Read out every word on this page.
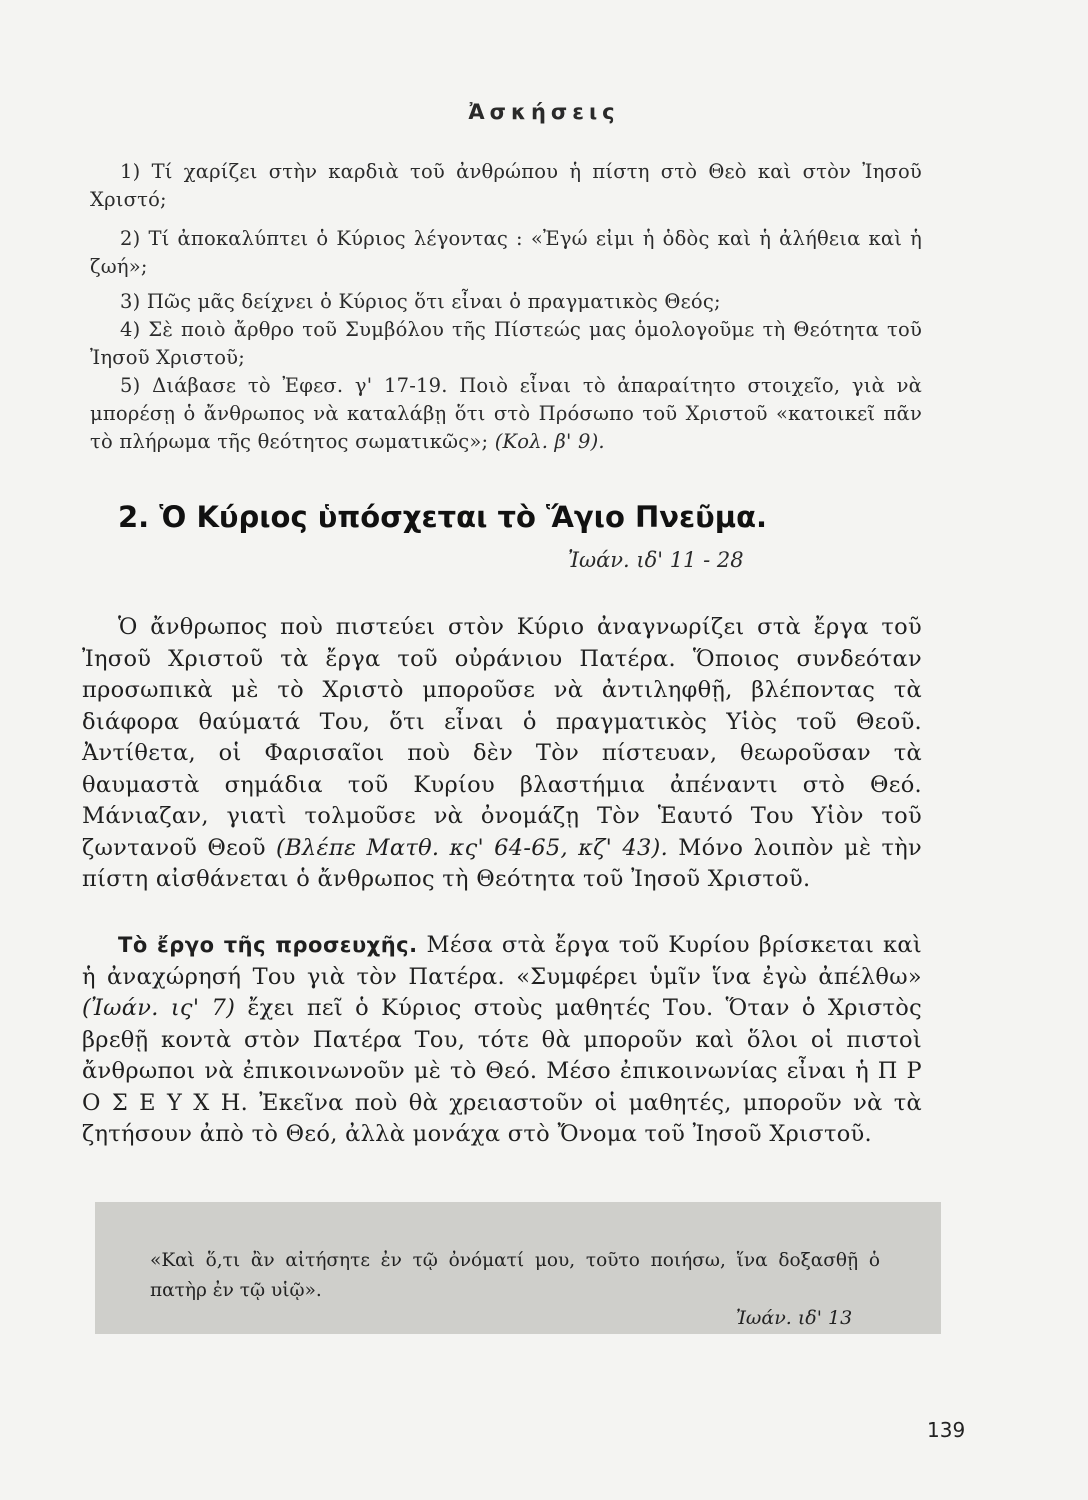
Ἀσκήσεις
1) Τί χαρίζει στὴν καρδιὰ τοῦ ἀνθρώπου ἡ πίστη στὸ Θεὸ καὶ στὸν Ἰησοῦ Χριστό;
2) Τί ἀποκαλύπτει ὁ Κύριος λέγοντας : «Ἐγώ εἰμι ἡ ὁδὸς καὶ ἡ ἀλήθεια καὶ ἡ ζωή»;
3) Πῶς μᾶς δείχνει ὁ Κύριος ὅτι εἶναι ὁ πραγματικὸς Θεός;
4) Σὲ ποιὸ ἄρθρο τοῦ Συμβόλου τῆς Πίστεώς μας ὁμολογοῦμε τὴ Θεότητα τοῦ Ἰησοῦ Χριστοῦ;
5) Διάβασε τὸ Ἐφεσ. γ' 17-19. Ποιὸ εἶναι τὸ ἀπαραίτητο στοιχεῖο, γιὰ νὰ μπορέσῃ ὁ ἄνθρωπος νὰ καταλάβῃ ὅτι στὸ Πρόσωπο τοῦ Χριστοῦ «κατοικεῖ πᾶν τὸ πλήρωμα τῆς θεότητος σωματικῶς»; (Κολ. β' 9).
2. Ὁ Κύριος ὑπόσχεται τὸ Ἅγιο Πνεῦμα.
Ἰωάν. ιδ' 11 - 28
Ὁ ἄνθρωπος ποὺ πιστεύει στὸν Κύριο ἀναγνωρίζει στὰ ἔργα τοῦ Ἰησοῦ Χριστοῦ τὰ ἔργα τοῦ οὐράνιου Πατέρα. Ὅποιος συνδεόταν προσωπικὰ μὲ τὸ Χριστὸ μποροῦσε νὰ ἀντιληφθῇ, βλέποντας τὰ διάφορα θαύματά Του, ὅτι εἶναι ὁ πραγματικὸς Υἱὸς τοῦ Θεοῦ. Ἀντίθετα, οἱ Φαρισαῖοι ποὺ δὲν Τὸν πίστευαν, θεωροῦσαν τὰ θαυμαστὰ σημάδια τοῦ Κυρίου βλαστήμια ἀπέναντι στὸ Θεό. Μάνιαζαν, γιατὶ τολμοῦσε νὰ ὀνομάζῃ Τὸν Ἑαυτό Του Υἱὸν τοῦ ζωντανοῦ Θεοῦ (Βλέπε Ματθ. κς' 64-65, κζ' 43). Μόνο λοιπὸν μὲ τὴν πίστη αἰσθάνεται ὁ ἄνθρωπος τὴ Θεότητα τοῦ Ἰησοῦ Χριστοῦ.
Τὸ ἔργο τῆς προσευχῆς. Μέσα στὰ ἔργα τοῦ Κυρίου βρίσκεται καὶ ἡ ἀναχώρησή Του γιὰ τὸν Πατέρα. «Συμφέρει ὑμῖν ἵνα ἐγὼ ἀπέλθω» (Ἰωάν. ις' 7) ἔχει πεῖ ὁ Κύριος στοὺς μαθητές Του. Ὅταν ὁ Χριστὸς βρεθῇ κοντὰ στὸν Πατέρα Του, τότε θὰ μποροῦν καὶ ὅλοι οἱ πιστοὶ ἄνθρωποι νὰ ἐπικοινωνοῦν μὲ τὸ Θεό. Μέσο ἐπικοινωνίας εἶναι ἡ Π Ρ Ο Σ Ε Υ Χ Η. Ἐκεῖνα ποὺ θὰ χρειαστοῦν οἱ μαθητές, μποροῦν νὰ τὰ ζητήσουν ἀπὸ τὸ Θεό, ἀλλὰ μονάχα στὸ Ὄνομα τοῦ Ἰησοῦ Χριστοῦ.
«Καὶ ὅ,τι ἂν αἰτήσητε ἐν τῷ ὀνόματί μου, τοῦτο ποιήσω, ἵνα δοξασθῇ ὁ πατὴρ ἐν τῷ υἱῷ».
Ἰωάν. ιδ' 13
139
